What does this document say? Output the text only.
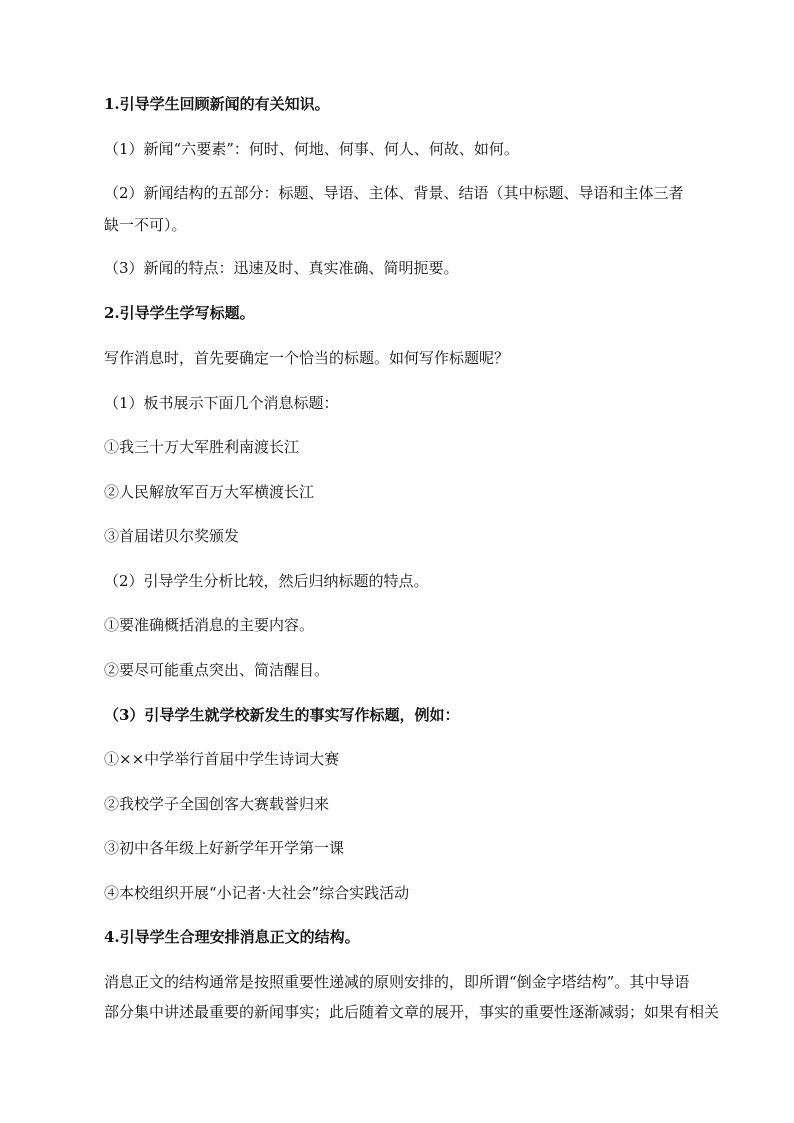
1.引导学生回顾新闻的有关知识。

（1）新闻“六要素”：何时、何地、何事、何人、何故、如何。

（2）新闻结构的五部分：标题、导语、主体、背景、结语（其中标题、导语和主体三者

缺一不可）。

（3）新闻的特点：迅速及时、真实准确、简明扼要。

2.引导学生学写标题。

写作消息时，首先要确定一个恰当的标题。如何写作标题呢？

（1）板书展示下面几个消息标题：

①我三十万大军胜利南渡长江

②人民解放军百万大军横渡长江

③首届诺贝尔奖颁发

（2）引导学生分析比较，然后归纳标题的特点。

①要准确概括消息的主要内容。

②要尽可能重点突出、简洁醒目。

（3）引导学生就学校新发生的事实写作标题，例如：

①××中学举行首届中学生诗词大赛

②我校学子全国创客大赛载誉归来

③初中各年级上好新学年开学第一课

④本校组织开展“小记者·大社会”综合实践活动

4.引导学生合理安排消息正文的结构。

消息正文的结构通常是按照重要性递减的原则安排的，即所谓“倒金字塔结构”。其中导语

部分集中讲述最重要的新闻事实；此后随着文章的展开，事实的重要性逐渐减弱；如果有相关
